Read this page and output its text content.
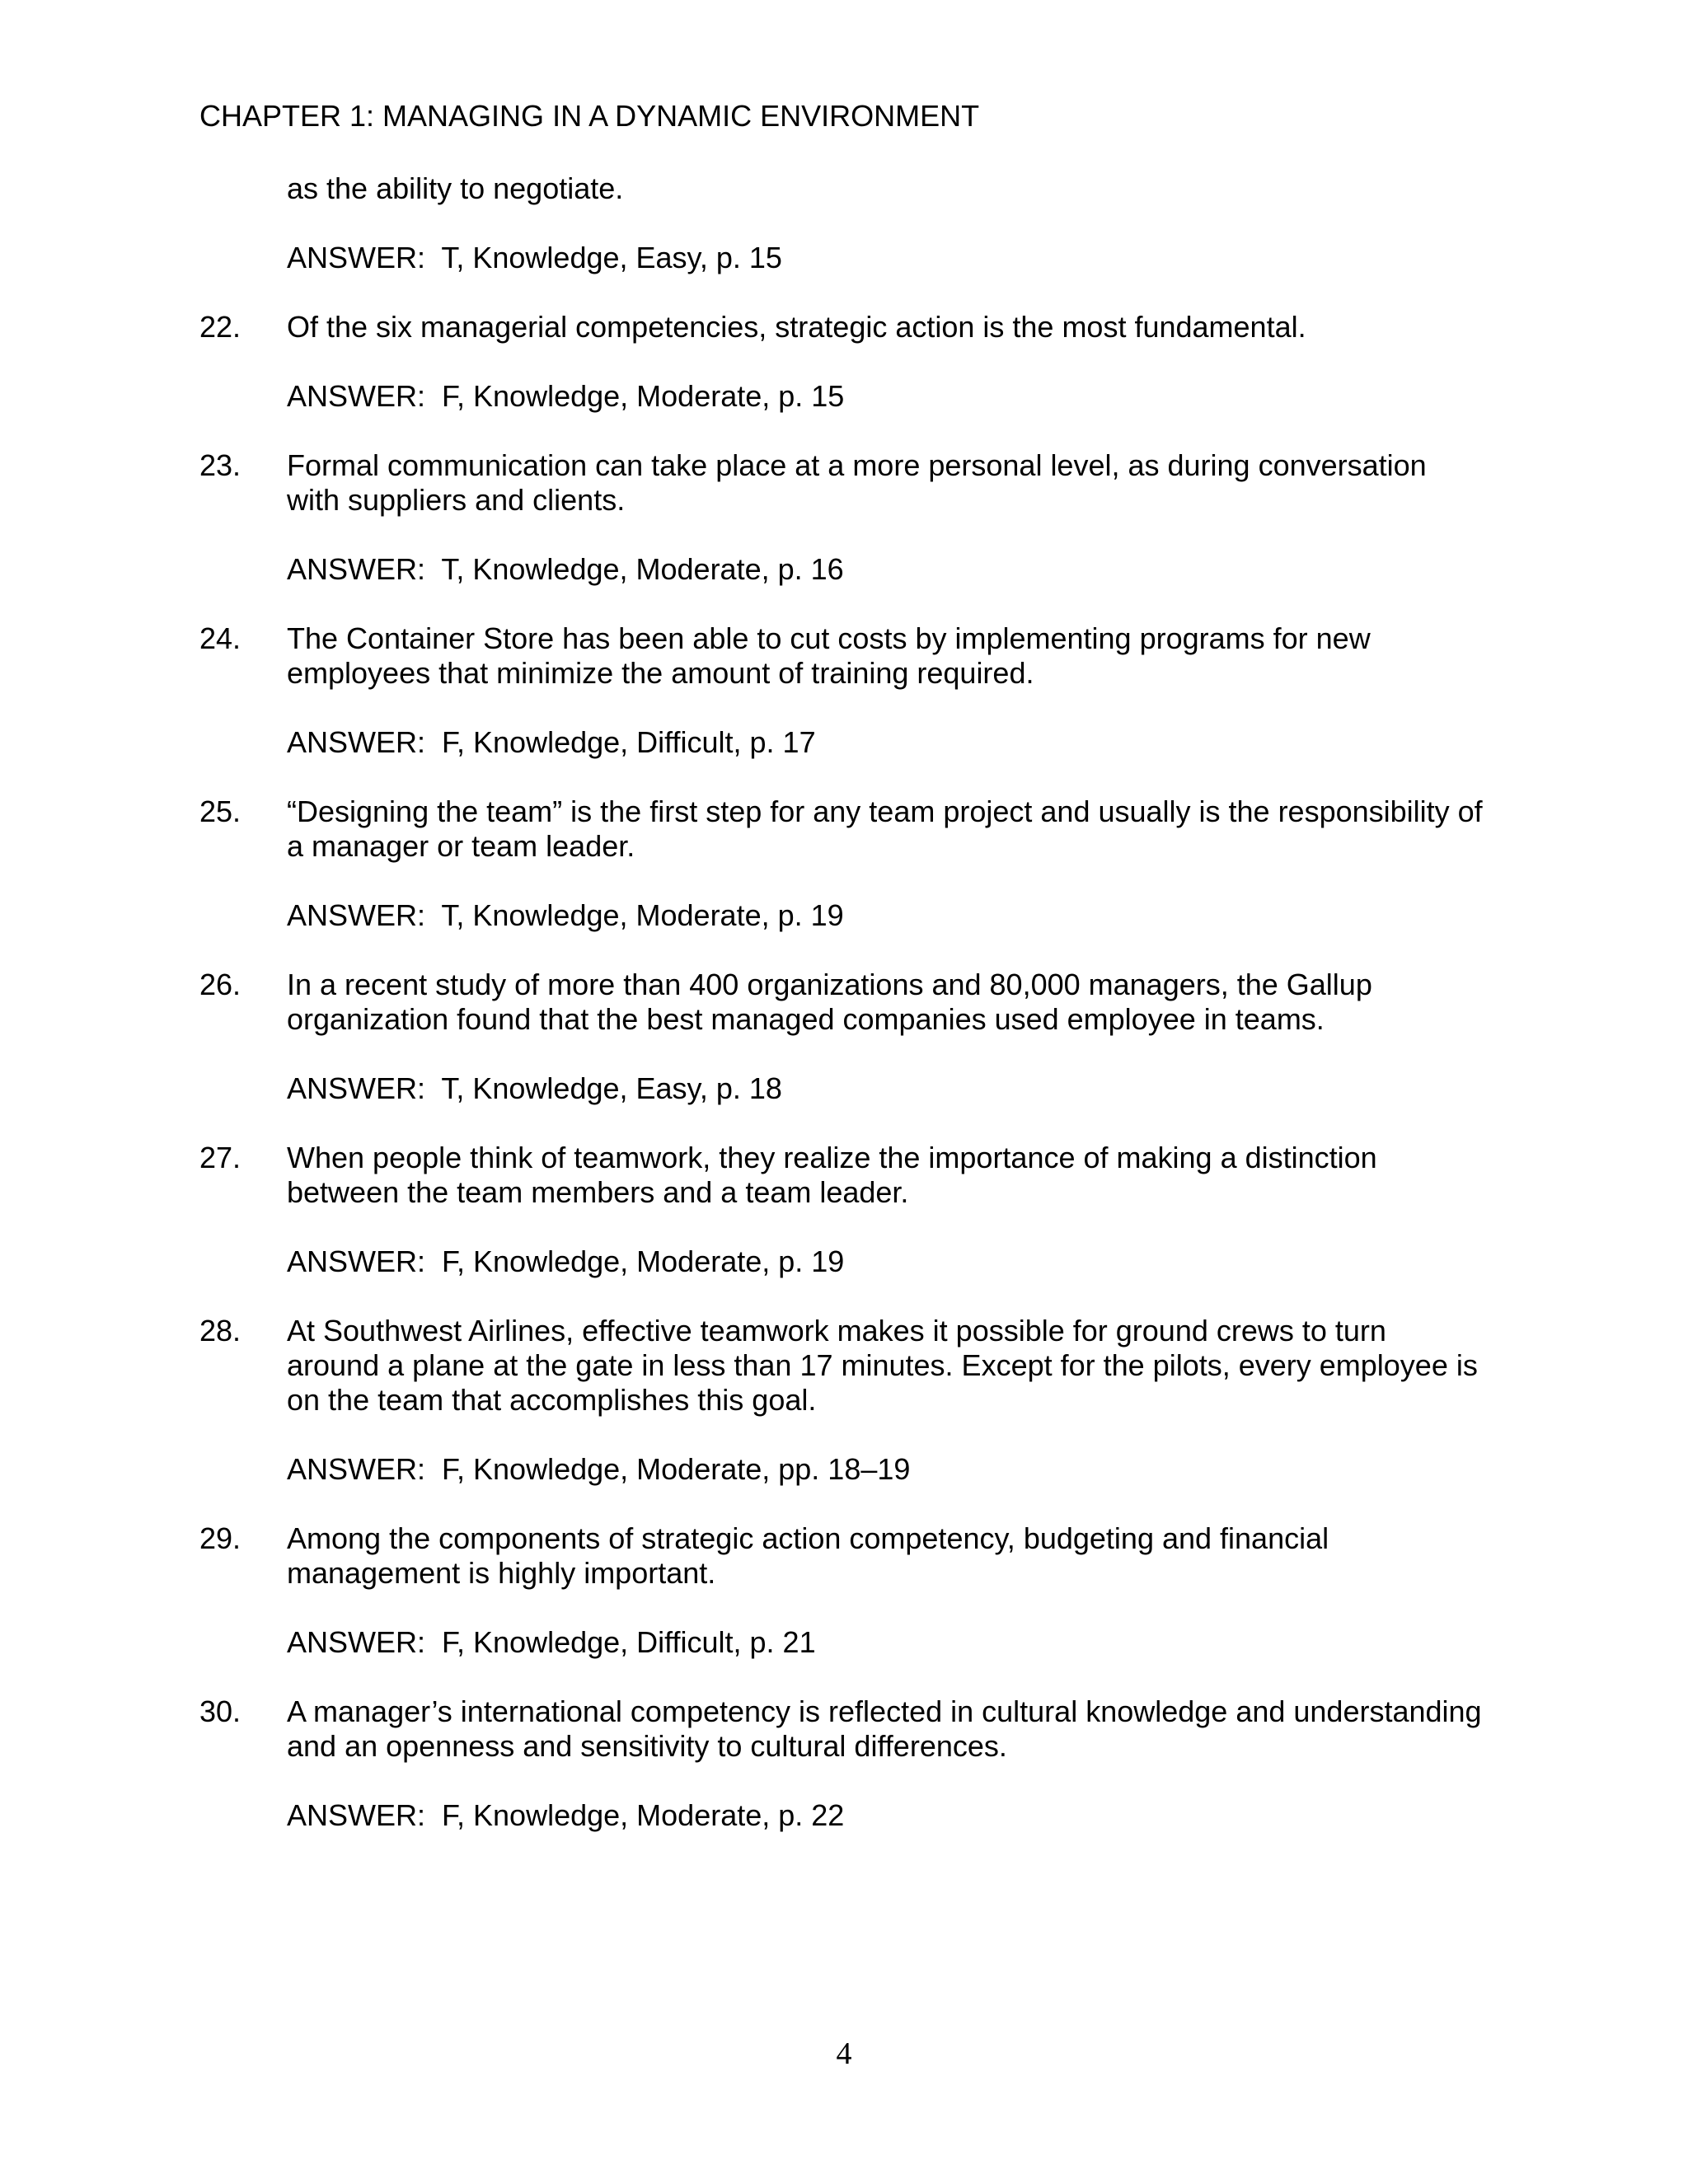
CHAPTER 1: MANAGING IN A DYNAMIC ENVIRONMENT

as the ability to negotiate.

ANSWER:  T, Knowledge, Easy, p. 15
22.	Of the six managerial competencies, strategic action is the most fundamental.
ANSWER:  F, Knowledge, Moderate, p. 15
23.	Formal communication can take place at a more personal level, as during conversation with suppliers and clients.
ANSWER:  T, Knowledge, Moderate, p. 16
24.	The Container Store has been able to cut costs by implementing programs for new employees that minimize the amount of training required.
ANSWER:  F, Knowledge, Difficult, p. 17
25.	“Designing the team” is the first step for any team project and usually is the responsibility of a manager or team leader.
ANSWER:  T, Knowledge, Moderate, p. 19
26.	In a recent study of more than 400 organizations and 80,000 managers, the Gallup organization found that the best managed companies used employee in teams.
ANSWER:  T, Knowledge, Easy, p. 18
27.	When people think of teamwork, they realize the importance of making a distinction between the team members and a team leader.
ANSWER:  F, Knowledge, Moderate, p. 19
28.	At Southwest Airlines, effective teamwork makes it possible for ground crews to turn around a plane at the gate in less than 17 minutes. Except for the pilots, every employee is on the team that accomplishes this goal.
ANSWER:  F, Knowledge, Moderate, pp. 18–19
29.	Among the components of strategic action competency, budgeting and financial management is highly important.
ANSWER:  F, Knowledge, Difficult, p. 21
30.	A manager’s international competency is reflected in cultural knowledge and understanding and an openness and sensitivity to cultural differences.
ANSWER:  F, Knowledge, Moderate, p. 22
4
